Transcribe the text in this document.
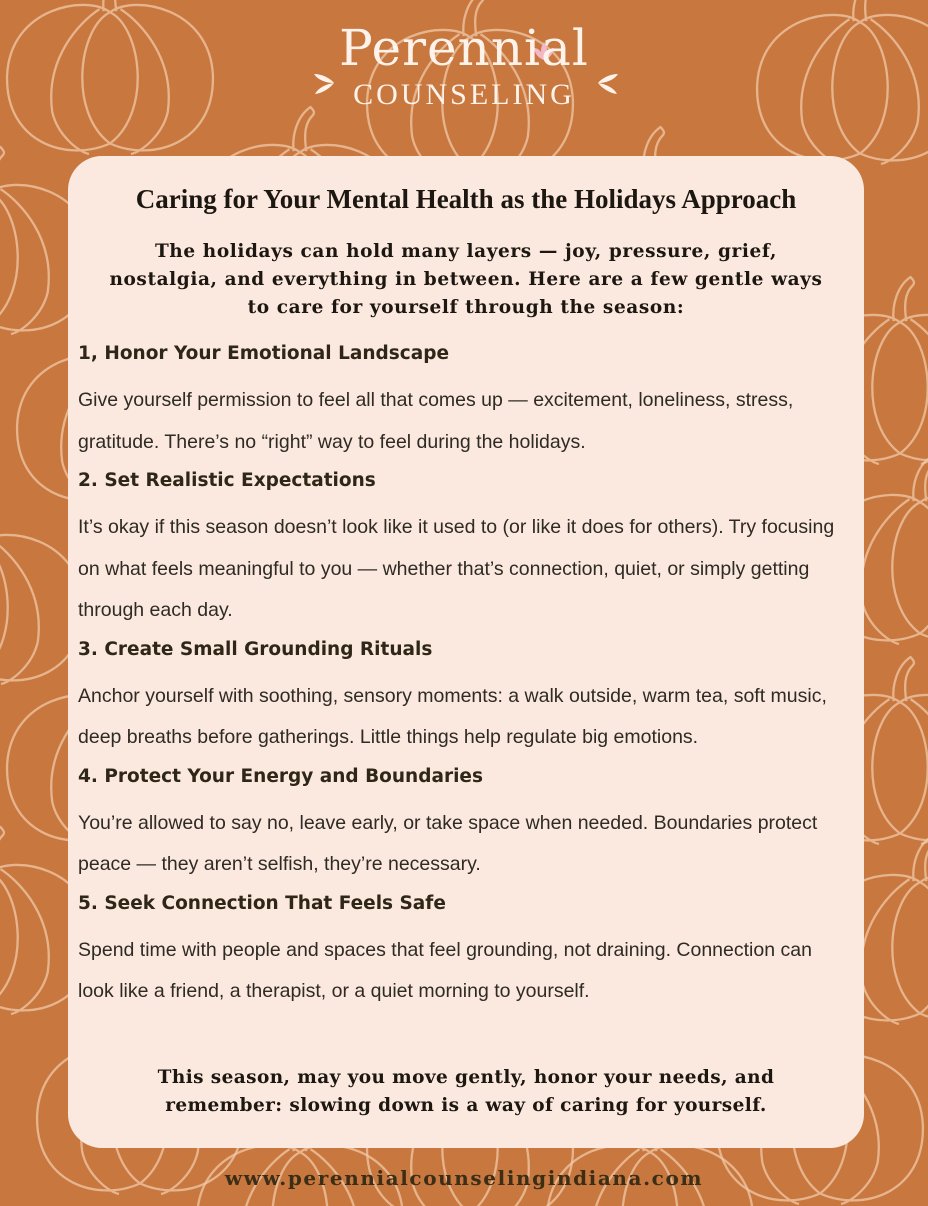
Perennial
COUNSELING
Caring for Your Mental Health as the Holidays Approach
The holidays can hold many layers — joy, pressure, grief, nostalgia, and everything in between. Here are a few gentle ways to care for yourself through the season:
1, Honor Your Emotional Landscape

Give yourself permission to feel all that comes up — excitement, loneliness, stress, gratitude. There’s no “right” way to feel during the holidays.

2. Set Realistic Expectations

It’s okay if this season doesn’t look like it used to (or like it does for others). Try focusing on what feels meaningful to you — whether that’s connection, quiet, or simply getting through each day.

3. Create Small Grounding Rituals

Anchor yourself with soothing, sensory moments: a walk outside, warm tea, soft music, deep breaths before gatherings. Little things help regulate big emotions.

4. Protect Your Energy and Boundaries

You’re allowed to say no, leave early, or take space when needed. Boundaries protect peace — they aren’t selfish, they’re necessary.

5. Seek Connection That Feels Safe

Spend time with people and spaces that feel grounding, not draining. Connection can look like a friend, a therapist, or a quiet morning to yourself.

This season, may you move gently, honor your needs, and remember: slowing down is a way of caring for yourself.
www.perennialcounselingindiana.com
